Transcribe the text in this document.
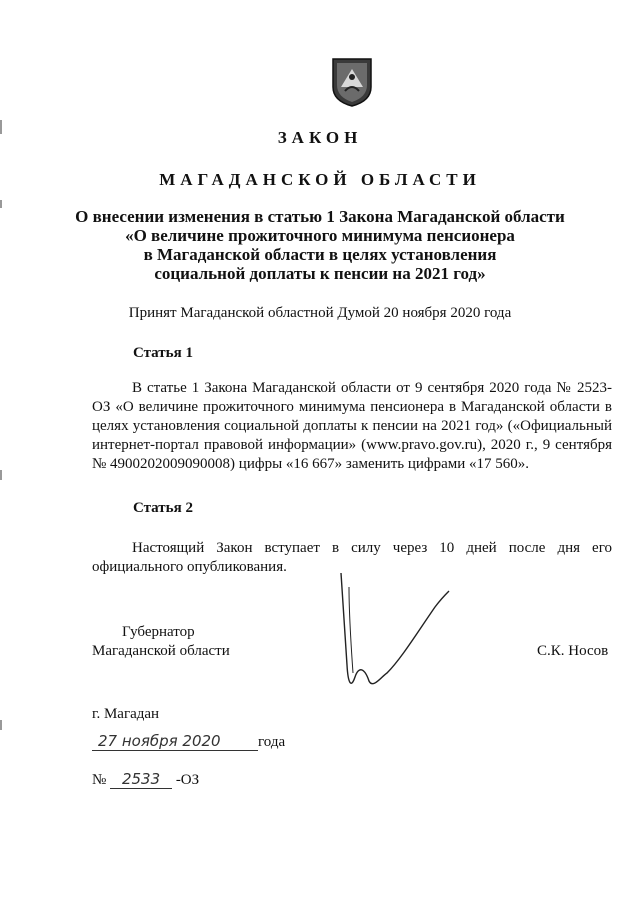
ЗАКОН
МАГАДАНСКОЙ ОБЛАСТИ
О внесении изменения в статью 1 Закона Магаданской области
«О величине прожиточного минимума пенсионера
в Магаданской области в целях установления
социальной доплаты к пенсии на 2021 год»
Принят Магаданской областной Думой 20 ноября 2020 года
Статья 1
В статье 1 Закона Магаданской области от 9 сентября 2020 года № 2523-ОЗ «О величине прожиточного минимума пенсионера в Магаданской области в целях установления социальной доплаты к пенсии на 2021 год» («Официальный интернет-портал правовой информации» (www.pravo.gov.ru), 2020 г., 9 сентября № 4900202009090008) цифры «16 667» заменить цифрами «17 560».
Статья 2
Настоящий Закон вступает в силу через 10 дней после дня его официального опубликования.
Губернатор
Магаданской области	С.К. Носов
г. Магадан
27 ноября 2020 года
№ 2533 -ОЗ
